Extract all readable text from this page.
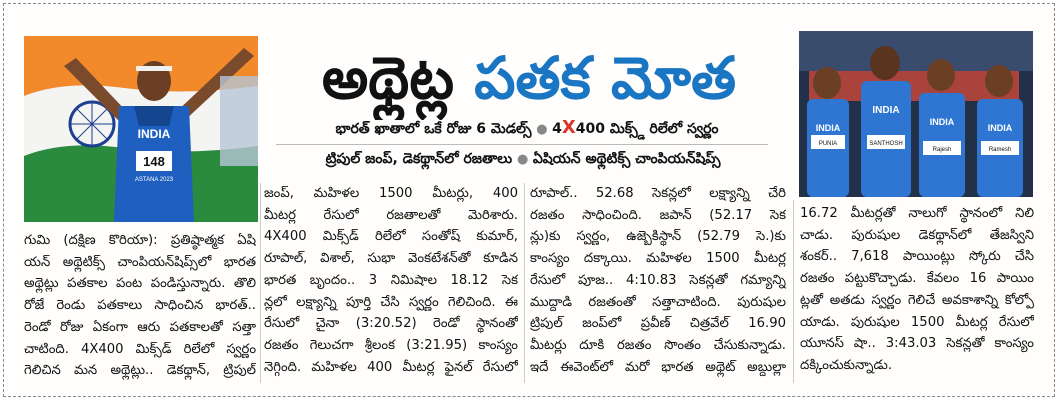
INDIA
148
ASTANA 2023
అథ్లెట్ల పతక మోత
భారత్ ఖాతాలో ఒకే రోజు 6 మెడల్స్ ● 4X400 మిక్స్డ్ రిలేలో స్వర్ణం
ట్రిపుల్ జంప్, డెకథ్లాన్‌లో రజతాలు ● ఏషియన్ అథ్లెటిక్స్ చాంపియన్‌షిప్స్
INDIA
INDIA
INDIA
INDIA
PUNIA	SANTHOSH
Rajesh	Ramesh
గుమి (దక్షిణ కొరియా): ప్రతిష్ఠాత్మక ఏషి
యన్ అథ్లెటిక్స్ చాంపియన్‌షిప్స్‌లో భారత
అథ్లెట్లు పతకాల పంట పండిస్తున్నారు. తొలి
రోజే రెండు పతకాలు సాధించిన భారత్..
రెండో రోజు ఏకంగా ఆరు పతకాలతో సత్తా
చాటింది. 4X400 మిక్స్‌డ్ రిలేలో స్వర్ణం
గెలిచిన మన అథ్లెట్లు.. డెకథ్లాన్, ట్రిపుల్
జంప్, మహిళల 1500 మీటర్లు, 400
మీటర్ల రేసులో రజతాలతో మెరిశారు.
4X400 మిక్స్‌డ్ రిలేలో సంతోష్ కుమార్,
రూపాల్, విశాల్, సుభా వెంకటేశన్‌తో కూడిన
భారత బృందం.. 3 నిమిషాల 18.12 సెక
న్లలో లక్ష్యాన్ని పూర్తి చేసి స్వర్ణం గెలిచింది. ఈ
రేసులో చైనా (3:20.52) రెండో స్థానంతో
రజతం గెలుచగా శ్రీలంక (3:21.95) కాంస్యం
నెగ్గింది. మహిళల 400 మీటర్ల ఫైనల్ రేసులో
రూపాల్.. 52.68 సెకన్లలో లక్ష్యాన్ని చేరి
రజతం సాధించింది. జపాన్ (52.17 సెక
న్లు)కు స్వర్ణం, ఉజ్బెకిస్థాన్ (52.79 సె.)కు
కాంస్యం దక్కాయి. మహిళల 1500 మీటర్ల
రేసులో పూజ.. 4:10.83 సెకన్లతో గమ్యాన్ని
ముద్దాడి రజతంతో సత్తాచాటింది. పురుషుల
ట్రిపుల్ జంప్‌లో ప్రవీణ్ చిత్రవేల్ 16.90
మీటర్లు దూకి రజతం సొంతం చేసుకున్నాడు.
ఇదే ఈవెంట్‌లో మరో భారత అథ్లెట్ అబ్దుల్లా
16.72 మీటర్లతో నాలుగో స్థానంలో నిలి
చాడు. పురుషుల డెకథ్లాన్‌లో తేజస్విని
శంకర్.. 7,618 పాయింట్లు స్కోరు చేసి
రజతం పట్టుకొచ్చాడు. కేవలం 16 పాయిం
ట్లతో అతడు స్వర్ణం గెలిచే అవకాశాన్ని కోల్పో
యాడు. పురుషుల 1500 మీటర్ల రేసులో
యూనస్ షా.. 3:43.03 సెకన్లతో కాంస్యం
దక్కించుకున్నాడు.
